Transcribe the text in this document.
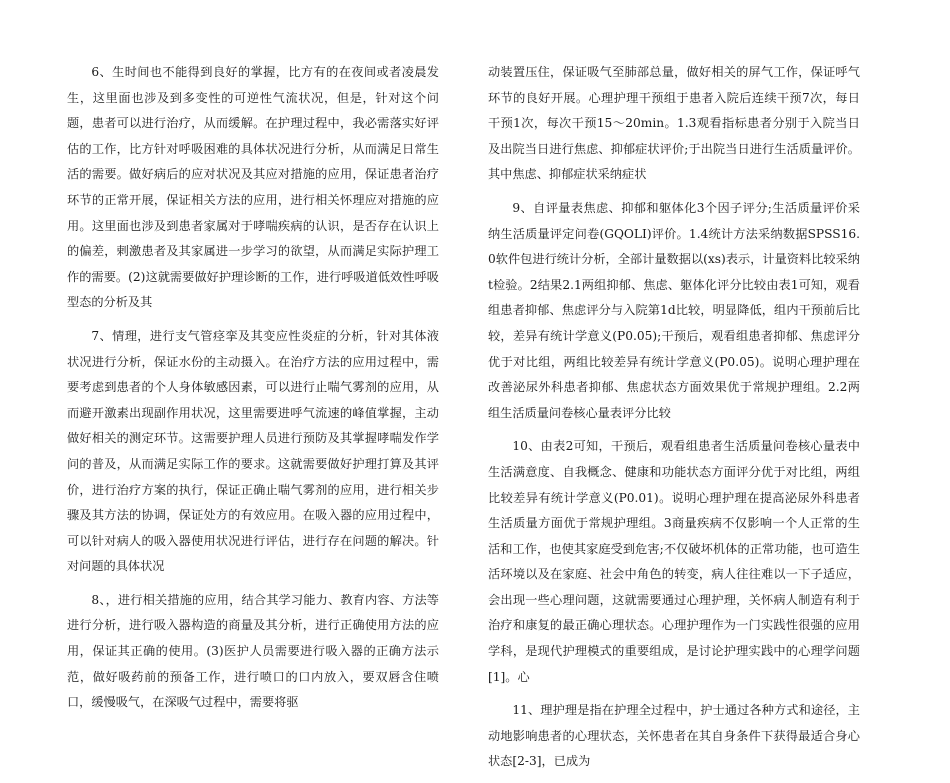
6、生时间也不能得到良好的掌握，比方有的在夜间或者凌晨发生，这里面也涉及到多变性的可逆性气流状况，但是，针对这个问题，患者可以进行治疗，从而缓解。在护理过程中，我必需落实好评估的工作，比方针对呼吸困难的具体状况进行分析，从而满足日常生活的需要。做好病后的应对状况及其应对措施的应用，保证患者治疗环节的正常开展，保证相关方法的应用，进行相关怀理应对措施的应用。这里面也涉及到患者家属对于哮喘疾病的认识，是否存在认识上的偏差，剌激患者及其家属进一步学习的欲望，从而满足实际护理工作的需要。(2)这就需要做好护理诊断的工作，进行呼吸道低效性呼吸型态的分析及其

7、情理，进行支气管痉挛及其变应性炎症的分析，针对其体液状况进行分析，保证水份的主动摄入。在治疗方法的应用过程中，需要考虑到患者的个人身体敏感因素，可以进行止喘气雾剂的应用，从而避开激素出现副作用状况，这里需要进呼气流速的峰值掌握，主动做好相关的测定环节。这需要护理人员进行预防及其掌握哮喘发作学问的普及，从而满足实际工作的要求。这就需要做好护理打算及其评价，进行治疗方案的执行，保证正确止喘气雾剂的应用，进行相关步骤及其方法的协调，保证处方的有效应用。在吸入器的应用过程中，可以针对病人的吸入器使用状况进行评估，进行存在问题的解决。针对问题的具体状况

8、，进行相关措施的应用，结合其学习能力、教育内容、方法等进行分析，进行吸入器构造的商量及其分析，进行正确使用方法的应用，保证其正确的使用。(3)医护人员需要进行吸入器的正确方法示范，做好吸药前的预备工作，进行喷口的口内放入，要双唇含住喷口，缓慢吸气，在深吸气过程中，需要将驱

动装置压住，保证吸气至肺部总量，做好相关的屏气工作，保证呼气环节的良好开展。心理护理干预组于患者入院后连续干预7次，每日干预1次，每次干预15～20min。1.3观看指标患者分别于入院当日及出院当日进行焦虑、抑郁症状评价;于出院当日进行生活质量评价。其中焦虑、抑郁症状采纳症状

9、自评量表焦虑、抑郁和躯体化3个因子评分;生活质量评价采纳生活质量评定问卷(GQOLI)评价。1.4统计方法采纳数据SPSS16.0软件包进行统计分析，全部计量数据以(xs)表示，计量资料比较采纳t检验。2结果2.1两组抑郁、焦虑、躯体化评分比较由表1可知，观看组患者抑郁、焦虑评分与入院第1d比较，明显降低，组内干预前后比较，差异有统计学意义(P0.05);干预后，观看组患者抑郁、焦虑评分优于对比组，两组比较差异有统计学意义(P0.05)。说明心理护理在改善泌尿外科患者抑郁、焦虑状态方面效果优于常规护理组。2.2两组生活质量问卷核心量表评分比较

10、由表2可知，干预后，观看组患者生活质量问卷核心量表中生活满意度、自我概念、健康和功能状态方面评分优于对比组，两组比较差异有统计学意义(P0.01)。说明心理护理在提高泌尿外科患者生活质量方面优于常规护理组。3商量疾病不仅影响一个人正常的生活和工作，也使其家庭受到危害;不仅破坏机体的正常功能，也可造生活环境以及在家庭、社会中角色的转变，病人往往难以一下子适应，会出现一些心理问题，这就需要通过心理护理，关怀病人制造有利于治疗和康复的最正确心理状态。心理护理作为一门实践性很强的应用学科，是现代护理模式的重要组成，是讨论护理实践中的心理学问题[1]。心

11、理护理是指在护理全过程中，护士通过各种方式和途径，主动地影响患者的心理状态，关怀患者在其自身条件下获得最适合身心状态[2-3]，已成为
